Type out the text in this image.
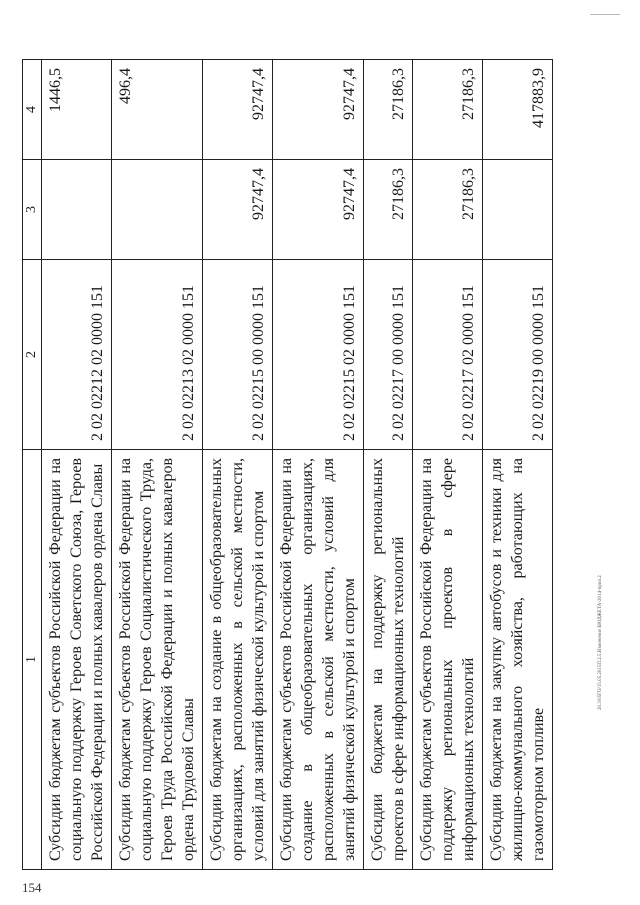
1	2	3	4
Субсидии бюджетам субъектов Российской Федерации на социальную поддержку Героев Советского Союза, Героев Российской Федерации и полных кавалеров ордена Славы	2 02 02212 02 0000 151		1446,5
Субсидии бюджетам субъектов Российской Федерации на социальную поддержку Героев Социалистического Труда, Героев Труда Российской Федерации и полных кавалеров ордена Трудовой Славы	2 02 02213 02 0000 151		496,4
Субсидии бюджетам на создание в общеобразовательных организациях, расположенных в сельской местности, условий для занятий физической культурой и спортом	2 02 02215 00 0000 151	92747,4	92747,4
Субсидии бюджетам субъектов Российской Федерации на создание в общеобразовательных организациях, расположенных в сельской местности, условий для занятий физической культурой и спортом	2 02 02215 02 0000 151	92747,4	92747,4
Субсидии бюджетам на поддержку региональных проектов в сфере информационных технологий	2 02 02217 00 0000 151	27186,3	27186,3
Субсидии бюджетам субъектов Российской Федерации на поддержку региональных проектов в сфере информационных технологий	2 02 02217 02 0000 151	27186,3	27186,3
Субсидии бюджетам на закупку автобусов и техники для жилищно-коммунального хозяйства, работающих на газомоторном топливе	2 02 02219 00 0000 151		417883,9
20.3/05ГО/15.05.2015П.2.5.Изменение БЮДЖЕТА-2014-прил.2
154
